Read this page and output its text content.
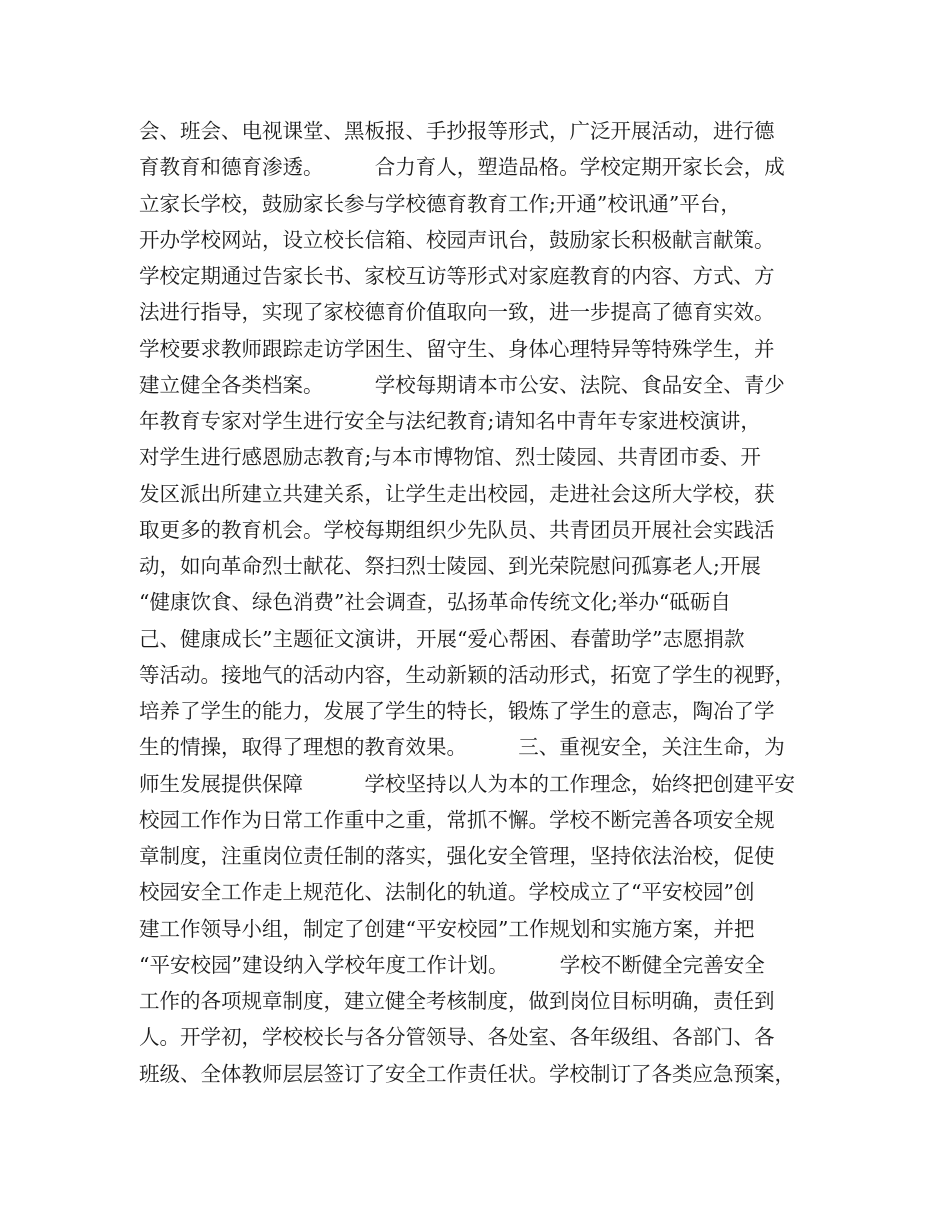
会、班会、电视课堂、黑板报、手抄报等形式，广泛开展活动，进行德
育教育和德育渗透。　　　合力育人，塑造品格。学校定期开家长会，成
立家长学校，鼓励家长参与学校德育教育工作;开通”校讯通”平台，
开办学校网站，设立校长信箱、校园声讯台，鼓励家长积极献言献策。
学校定期通过告家长书、家校互访等形式对家庭教育的内容、方式、方
法进行指导，实现了家校德育价值取向一致，进一步提高了德育实效。
学校要求教师跟踪走访学困生、留守生、身体心理特异等特殊学生，并
建立健全各类档案。　　　学校每期请本市公安、法院、食品安全、青少
年教育专家对学生进行安全与法纪教育;请知名中青年专家进校演讲，
对学生进行感恩励志教育;与本市博物馆、烈士陵园、共青团市委、开
发区派出所建立共建关系，让学生走出校园，走进社会这所大学校，获
取更多的教育机会。学校每期组织少先队员、共青团员开展社会实践活
动，如向革命烈士献花、祭扫烈士陵园、到光荣院慰问孤寡老人;开展
“健康饮食、绿色消费”社会调查，弘扬革命传统文化;举办“砥砺自
己、健康成长”主题征文演讲，开展“爱心帮困、春蕾助学”志愿捐款
等活动。接地气的活动内容，生动新颖的活动形式，拓宽了学生的视野，
培养了学生的能力，发展了学生的特长，锻炼了学生的意志，陶冶了学
生的情操，取得了理想的教育效果。　　　三、重视安全，关注生命，为
师生发展提供保障　　　学校坚持以人为本的工作理念，始终把创建平安
校园工作作为日常工作重中之重，常抓不懈。学校不断完善各项安全规
章制度，注重岗位责任制的落实，强化安全管理，坚持依法治校，促使
校园安全工作走上规范化、法制化的轨道。学校成立了“平安校园”创
建工作领导小组，制定了创建“平安校园”工作规划和实施方案，并把
“平安校园”建设纳入学校年度工作计划。　　　学校不断健全完善安全
工作的各项规章制度，建立健全考核制度，做到岗位目标明确，责任到
人。开学初，学校校长与各分管领导、各处室、各年级组、各部门、各
班级、全体教师层层签订了安全工作责任状。学校制订了各类应急预案，
